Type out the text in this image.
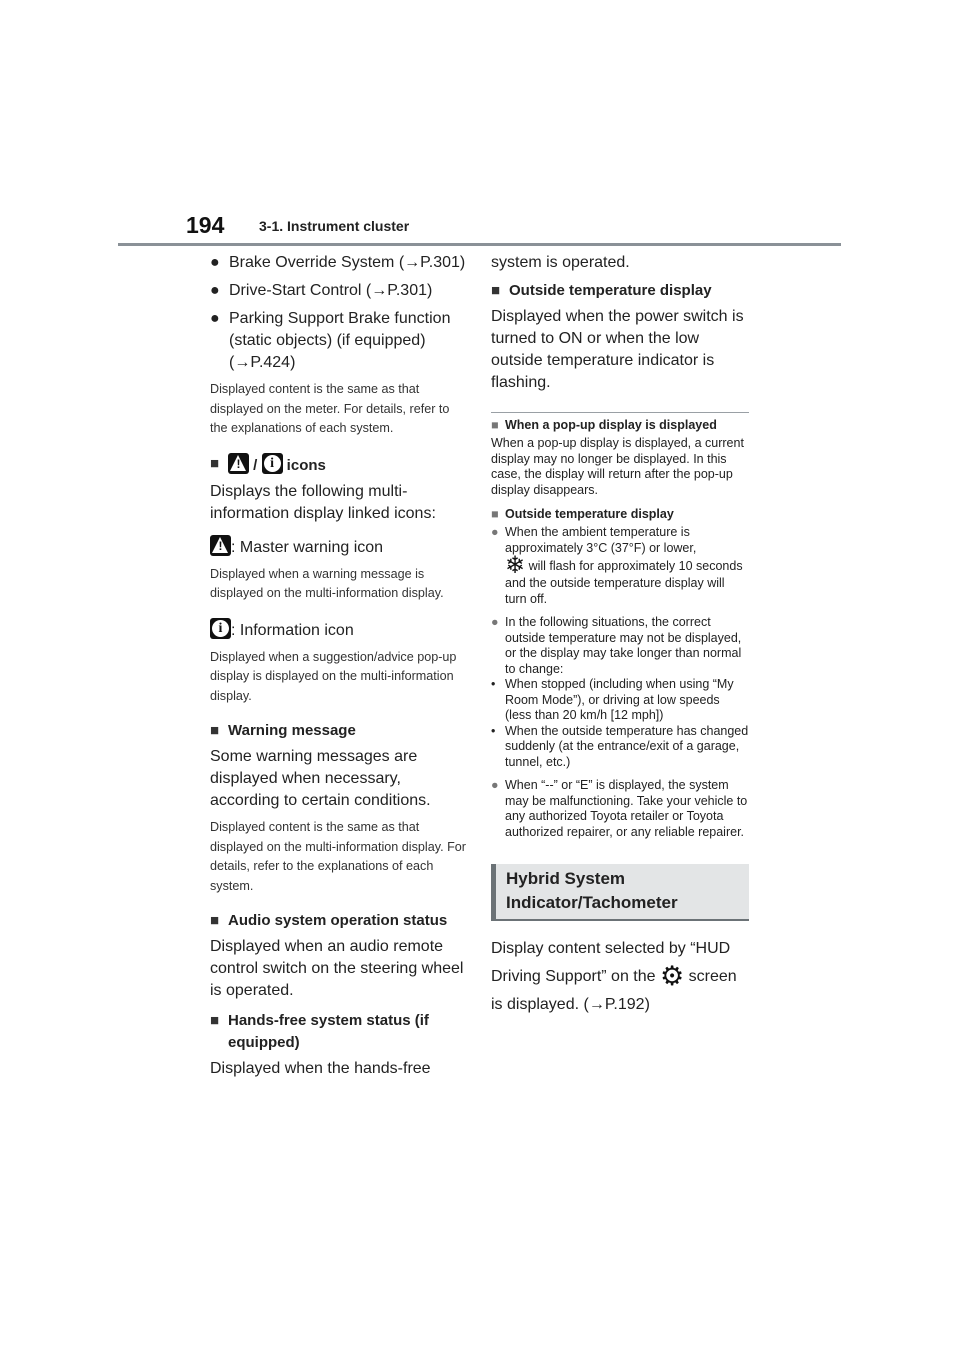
194 3-1. Instrument cluster
● Brake Override System (→P.301)
● Drive-Start Control (→P.301)
● Parking Support Brake function (static objects) (if equipped) (→P.424)
Displayed content is the same as that displayed on the meter. For details, refer to the explanations of each system.
■
! / i icons
Displays the following multi-information display linked icons:
!: Master warning icon
Displayed when a warning message is displayed on the multi-information display.
i: Information icon
Displayed when a suggestion/advice pop-up display is displayed on the multi-information display.
■ Warning message
Some warning messages are displayed when necessary, according to certain conditions.
Displayed content is the same as that displayed on the multi-information display. For details, refer to the explanations of each system.
■ Audio system operation status
Displayed when an audio remote control switch on the steering wheel is operated.
■ Hands-free system status (if equipped)
Displayed when the hands-free
system is operated.
■ Outside temperature display
Displayed when the power switch is turned to ON or when the low outside temperature indicator is flashing.
■ When a pop-up display is displayed
When a pop-up display is displayed, a current display may no longer be displayed. In this case, the display will return after the pop-up display disappears.
■ Outside temperature display
● When the ambient temperature is approximately 3°C (37°F) or lower,
❄ will flash for approximately 10 seconds and the outside temperature display will turn off.
● In the following situations, the correct outside temperature may not be displayed, or the display may take longer than normal to change:
• When stopped (including when using “My Room Mode”), or driving at low speeds (less than 20 km/h [12 mph])
• When the outside temperature has changed suddenly (at the entrance/exit of a garage, tunnel, etc.)
● When “--” or “E” is displayed, the system may be malfunctioning. Take your vehicle to any authorized Toyota retailer or Toyota authorized repairer, or any reliable repairer.
Hybrid System Indicator/Tachometer
Display content selected by “HUD Driving Support” on the ⚙ screen is displayed. (→P.192)
